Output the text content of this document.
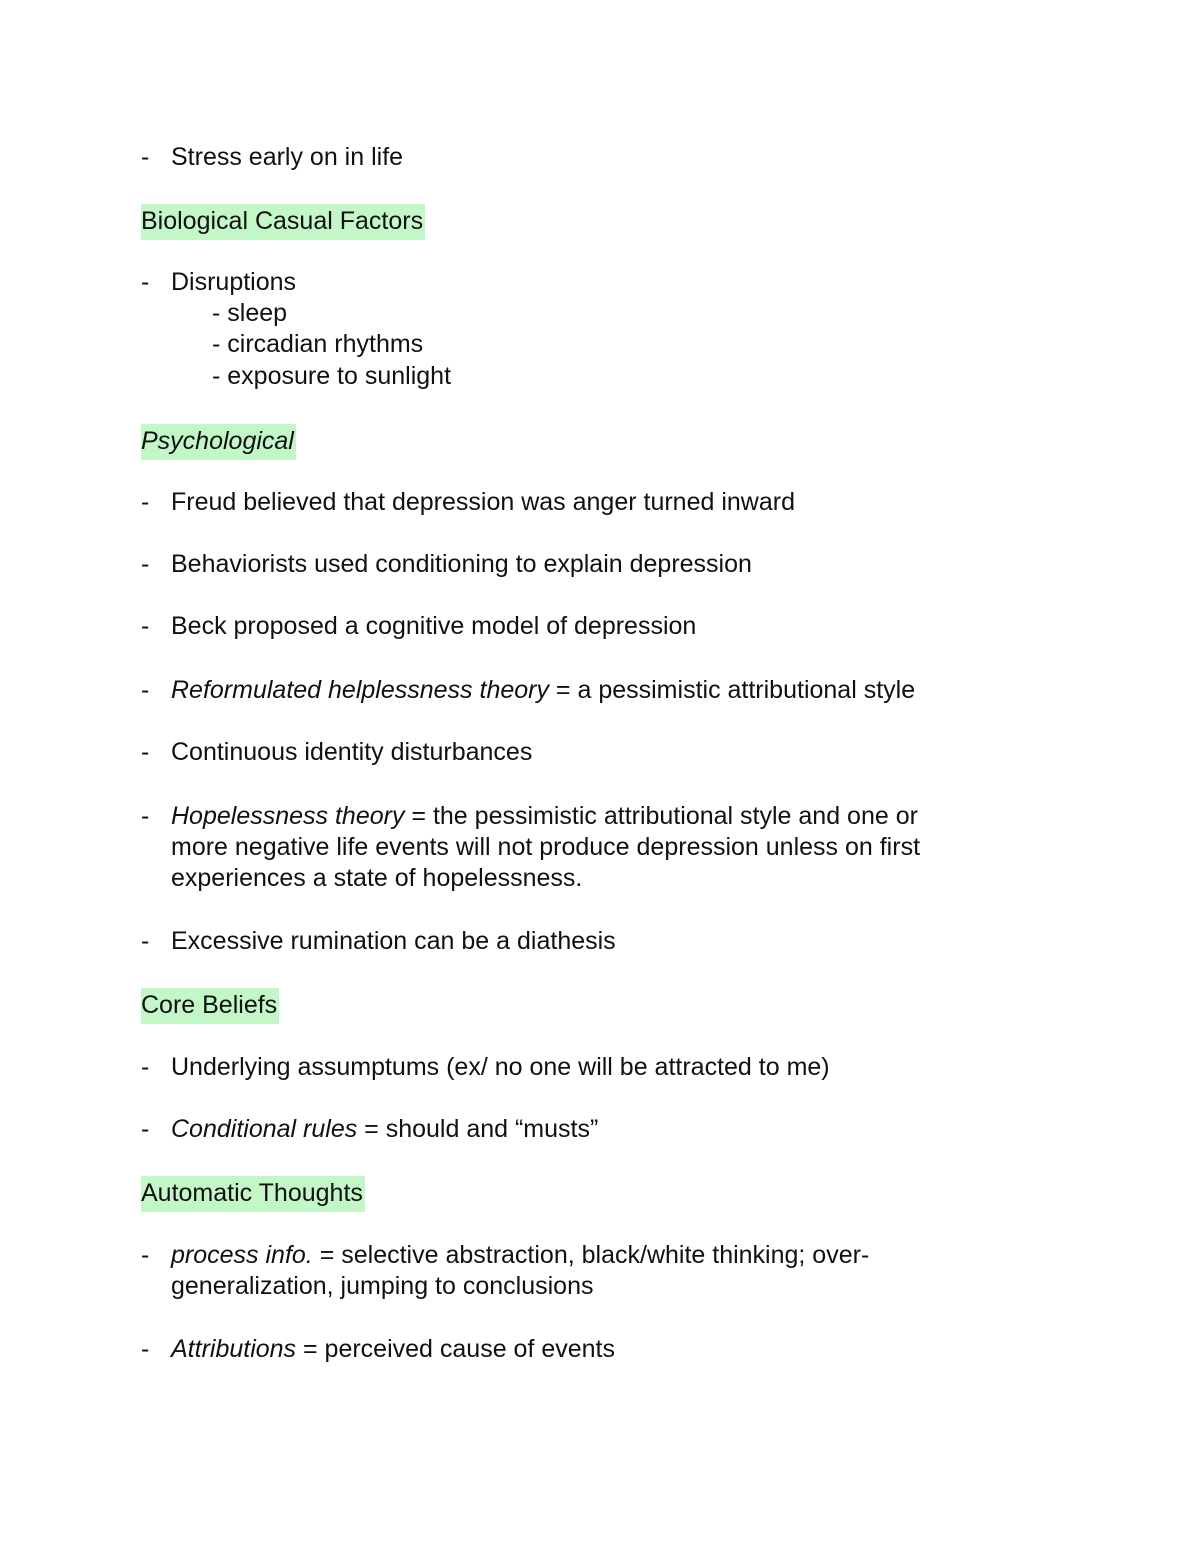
- Stress early on in life
Biological Casual Factors
- Disruptions
- sleep
- circadian rhythms
- exposure to sunlight
Psychological
- Freud believed that depression was anger turned inward
- Behaviorists used conditioning to explain depression
- Beck proposed a cognitive model of depression
- Reformulated helplessness theory = a pessimistic attributional style
- Continuous identity disturbances
- Hopelessness theory = the pessimistic attributional style and one or
more negative life events will not produce depression unless on first
experiences a state of hopelessness.
- Excessive rumination can be a diathesis
Core Beliefs
- Underlying assumptums (ex/ no one will be attracted to me)
- Conditional rules = should and “musts”
Automatic Thoughts
- process info. = selective abstraction, black/white thinking; over-
generalization, jumping to conclusions
- Attributions = perceived cause of events
